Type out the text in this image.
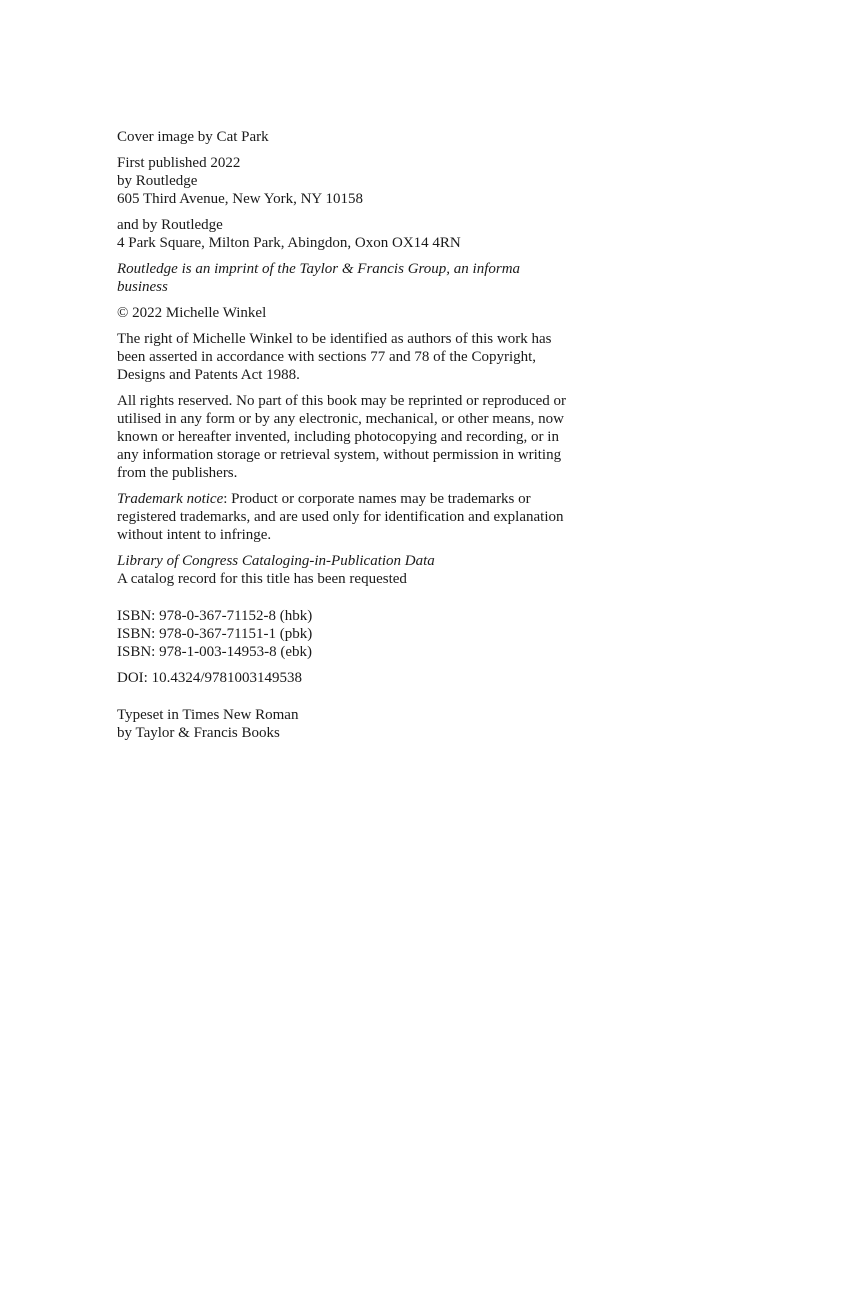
Cover image by Cat Park
First published 2022
by Routledge
605 Third Avenue, New York, NY 10158
and by Routledge
4 Park Square, Milton Park, Abingdon, Oxon OX14 4RN
Routledge is an imprint of the Taylor & Francis Group, an informa
business
© 2022 Michelle Winkel
The right of Michelle Winkel to be identified as authors of this work has
been asserted in accordance with sections 77 and 78 of the Copyright,
Designs and Patents Act 1988.
All rights reserved. No part of this book may be reprinted or reproduced or
utilised in any form or by any electronic, mechanical, or other means, now
known or hereafter invented, including photocopying and recording, or in
any information storage or retrieval system, without permission in writing
from the publishers.
Trademark notice: Product or corporate names may be trademarks or
registered trademarks, and are used only for identification and explanation
without intent to infringe.
Library of Congress Cataloging-in-Publication Data
A catalog record for this title has been requested
ISBN: 978-0-367-71152-8 (hbk)
ISBN: 978-0-367-71151-1 (pbk)
ISBN: 978-1-003-14953-8 (ebk)
DOI: 10.4324/9781003149538
Typeset in Times New Roman
by Taylor & Francis Books
